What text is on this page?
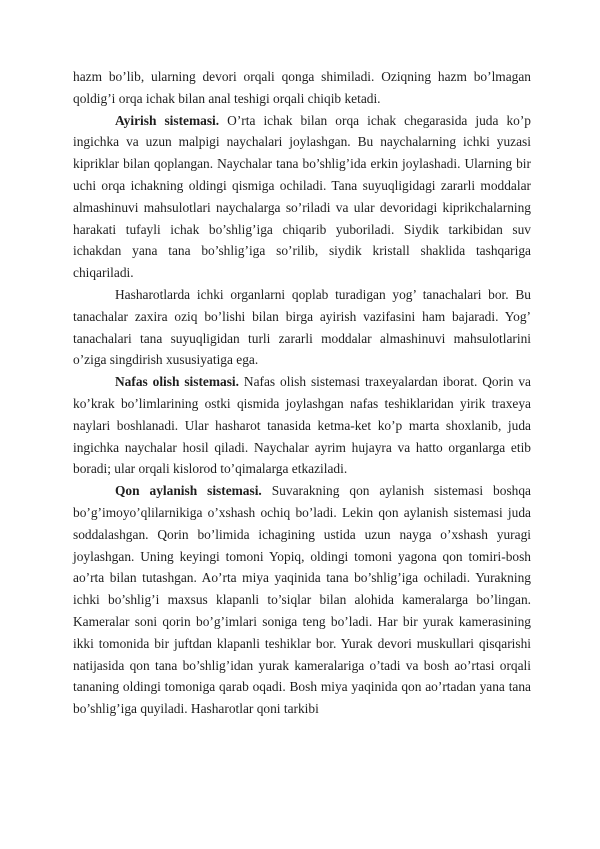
hazm bo’lib, ularning devori orqali qonga shimiladi. Oziqning hazm bo’lmagan qoldig’i orqa ichak bilan anal teshigi orqali chiqib ketadi.

Ayirish sistemasi. O’rta ichak bilan orqa ichak chegarasida juda ko’p ingichka va uzun malpigi naychalari joylashgan. Bu naychalarning ichki yuzasi kipriklar bilan qoplangan. Naychalar tana bo’shlig’ida erkin joylashadi. Ularning bir uchi orqa ichakning oldingi qismiga ochiladi. Tana suyuqligidagi zararli moddalar almashinuvi mahsulotlari naychalarga so’riladi va ular devoridagi kiprikchalarning harakati tufayli ichak bo’shlig’iga chiqarib yuboriladi. Siydik tarkibidan suv ichakdan yana tana bo’shlig’iga so’rilib, siydik kristall shaklida tashqariga chiqariladi.

Hasharotlarda ichki organlarni qoplab turadigan yog’ tanachalari bor. Bu tanachalar zaxira oziq bo’lishi bilan birga ayirish vazifasini ham bajaradi. Yog’ tanachalari tana suyuqligidan turli zararli moddalar almashinuvi mahsulotlarini o’ziga singdirish xususiyatiga ega.

Nafas olish sistemasi. Nafas olish sistemasi traxeyalardan iborat. Qorin va ko’krak bo’limlarining ostki qismida joylashgan nafas teshiklaridan yirik traxeya naylari boshlanadi. Ular hasharot tanasida ketma-ket ko’p marta shoxlanib, juda ingichka naychalar hosil qiladi. Naychalar ayrim hujayra va hatto organlarga etib boradi; ular orqali kislorod to’qimalarga etkaziladi.

Qon aylanish sistemasi. Suvarakning qon aylanish sistemasi boshqa bo’g’imoyo’qlilarnikiga o’xshash ochiq bo’ladi. Lekin qon aylanish sistemasi juda soddalashgan. Qorin bo’limida ichagining ustida uzun nayga o’xshash yuragi joylashgan. Uning keyingi tomoni Yopiq, oldingi tomoni yagona qon tomiri-bosh ao’rta bilan tutashgan. Ao’rta miya yaqinida tana bo’shlig’iga ochiladi. Yurakning ichki bo’shlig’i maxsus klapanli to’siqlar bilan alohida kameralarga bo’lingan. Kameralar soni qorin bo’g’imlari soniga teng bo’ladi. Har bir yurak kamerasining ikki tomonida bir juftdan klapanli teshiklar bor. Yurak devori muskullari qisqarishi natijasida qon tana bo’shlig’idan yurak kameralariga o’tadi va bosh ao’rtasi orqali tananing oldingi tomoniga qarab oqadi. Bosh miya yaqinida qon ao’rtadan yana tana bo’shlig’iga quyiladi. Hasharotlar qoni tarkibi
